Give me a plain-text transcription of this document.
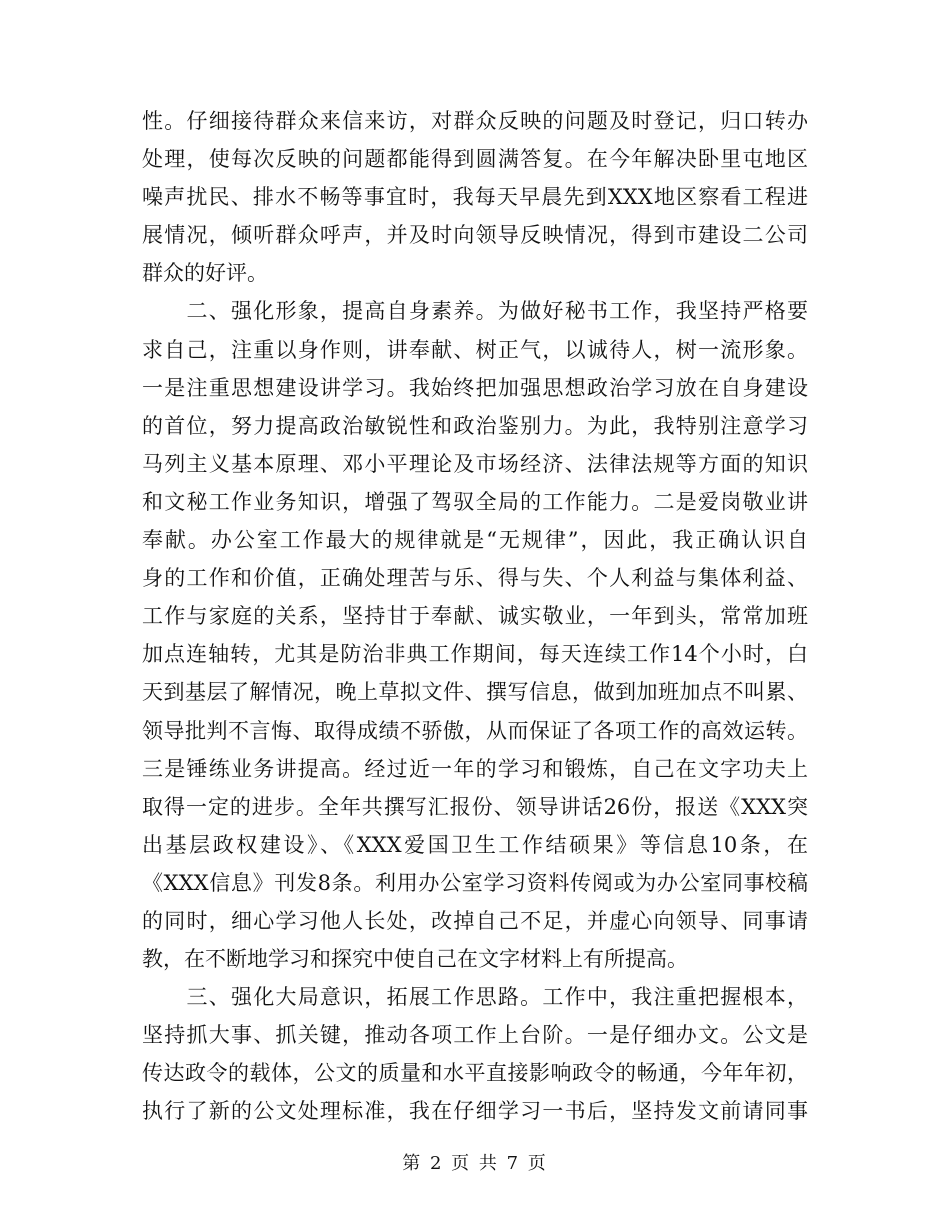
性。仔细接待群众来信来访，对群众反映的问题及时登记，归口转办
处理，使每次反映的问题都能得到圆满答复。在今年解决卧里屯地区
噪声扰民、排水不畅等事宜时，我每天早晨先到XXX地区察看工程进
展情况，倾听群众呼声，并及时向领导反映情况，得到市建设二公司
群众的好评。
　　二、强化形象，提高自身素养。为做好秘书工作，我坚持严格要
求自己，注重以身作则，讲奉献、树正气，以诚待人，树一流形象。
一是注重思想建设讲学习。我始终把加强思想政治学习放在自身建设
的首位，努力提高政治敏锐性和政治鉴别力。为此，我特别注意学习
马列主义基本原理、邓小平理论及市场经济、法律法规等方面的知识
和文秘工作业务知识，增强了驾驭全局的工作能力。二是爱岗敬业讲
奉献。办公室工作最大的规律就是“无规律”，因此，我正确认识自
身的工作和价值，正确处理苦与乐、得与失、个人利益与集体利益、
工作与家庭的关系，坚持甘于奉献、诚实敬业，一年到头，常常加班
加点连轴转，尤其是防治非典工作期间，每天连续工作14个小时，白
天到基层了解情况，晚上草拟文件、撰写信息，做到加班加点不叫累、
领导批判不言悔、取得成绩不骄傲，从而保证了各项工作的高效运转。
三是锤练业务讲提高。经过近一年的学习和锻炼，自己在文字功夫上
取得一定的进步。全年共撰写汇报份、领导讲话26份，报送《XXX突
出基层政权建设》、《XXX爱国卫生工作结硕果》等信息10条，在
《XXX信息》刊发8条。利用办公室学习资料传阅或为办公室同事校稿
的同时，细心学习他人长处，改掉自己不足，并虚心向领导、同事请
教，在不断地学习和探究中使自己在文字材料上有所提高。
　　三、强化大局意识，拓展工作思路。工作中，我注重把握根本，
坚持抓大事、抓关键，推动各项工作上台阶。一是仔细办文。公文是
传达政令的载体，公文的质量和水平直接影响政令的畅通，今年年初，
执行了新的公文处理标准，我在仔细学习一书后，坚持发文前请同事
第 2 页 共 7 页
